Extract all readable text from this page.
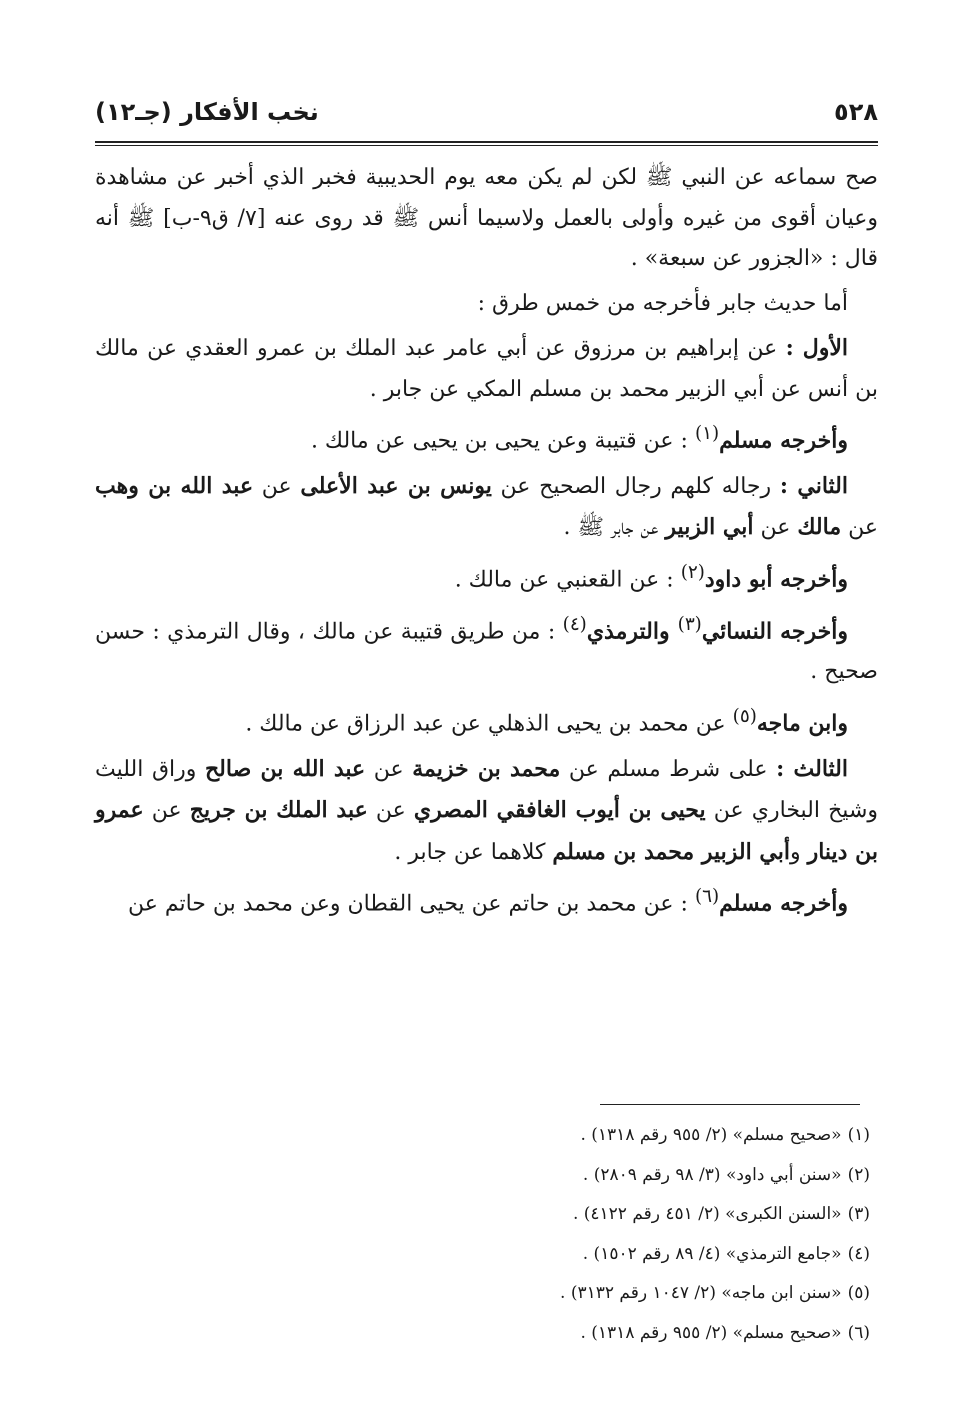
نخب الأفكار (جـ١٢)	٥٢٨

صح سماعه عن النبي ﷺ لكن لم يكن معه يوم الحديبية فخبر الذي أخبر عن مشاهدة وعيان أقوى من غيره وأولى بالعمل ولاسيما أنس ﷺ قد روى عنه [٧/ ق٩-ب] ﷺ أنه قال : «الجزور عن سبعة» .

أما حديث جابر فأخرجه من خمس طرق :

الأول : عن إبراهيم بن مرزوق عن أبي عامر عبد الملك بن عمرو العقدي عن مالك بن أنس عن أبي الزبير محمد بن مسلم المكي عن جابر .

وأخرجه مسلم$^{(١)}$ : عن قتيبة وعن يحيى بن يحيى عن مالك .

الثاني : رجاله كلهم رجال الصحيح عن يونس بن عبد الأعلى عن عبد الله بن وهب عن مالك عن أبي الزبير عن جابر ﷺ .

وأخرجه أبو داود$^{(٢)}$ : عن القعنبي عن مالك .

وأخرجه النسائي$^{(٣)}$ والترمذي$^{(٤)}$ : من طريق قتيبة عن مالك ، وقال الترمذي : حسن صحيح .

وابن ماجه$^{(٥)}$ عن محمد بن يحيى الذهلي عن عبد الرزاق عن مالك .

الثالث : على شرط مسلم عن محمد بن خزيمة عن عبد الله بن صالح وراق الليث وشيخ البخاري عن يحيى بن أيوب الغافقي المصري عن عبد الملك بن جريج عن عمرو بن دينار وأبي الزبير محمد بن مسلم كلاهما عن جابر .

وأخرجه مسلم$^{(٦)}$ : عن محمد بن حاتم عن يحيى القطان وعن محمد بن حاتم عن

(١)«صحيح مسلم» (٢/ ٩٥٥ رقم ١٣١٨) .
(٢)«سنن أبي داود» (٣/ ٩٨ رقم ٢٨٠٩) .
(٣)«السنن الكبرى» (٢/ ٤٥١ رقم ٤١٢٢) .
(٤)«جامع الترمذي» (٤/ ٨٩ رقم ١٥٠٢) .
(٥)«سنن ابن ماجه» (٢/ ١٠٤٧ رقم ٣١٣٢) .
(٦)«صحيح مسلم» (٢/ ٩٥٥ رقم ١٣١٨) .
